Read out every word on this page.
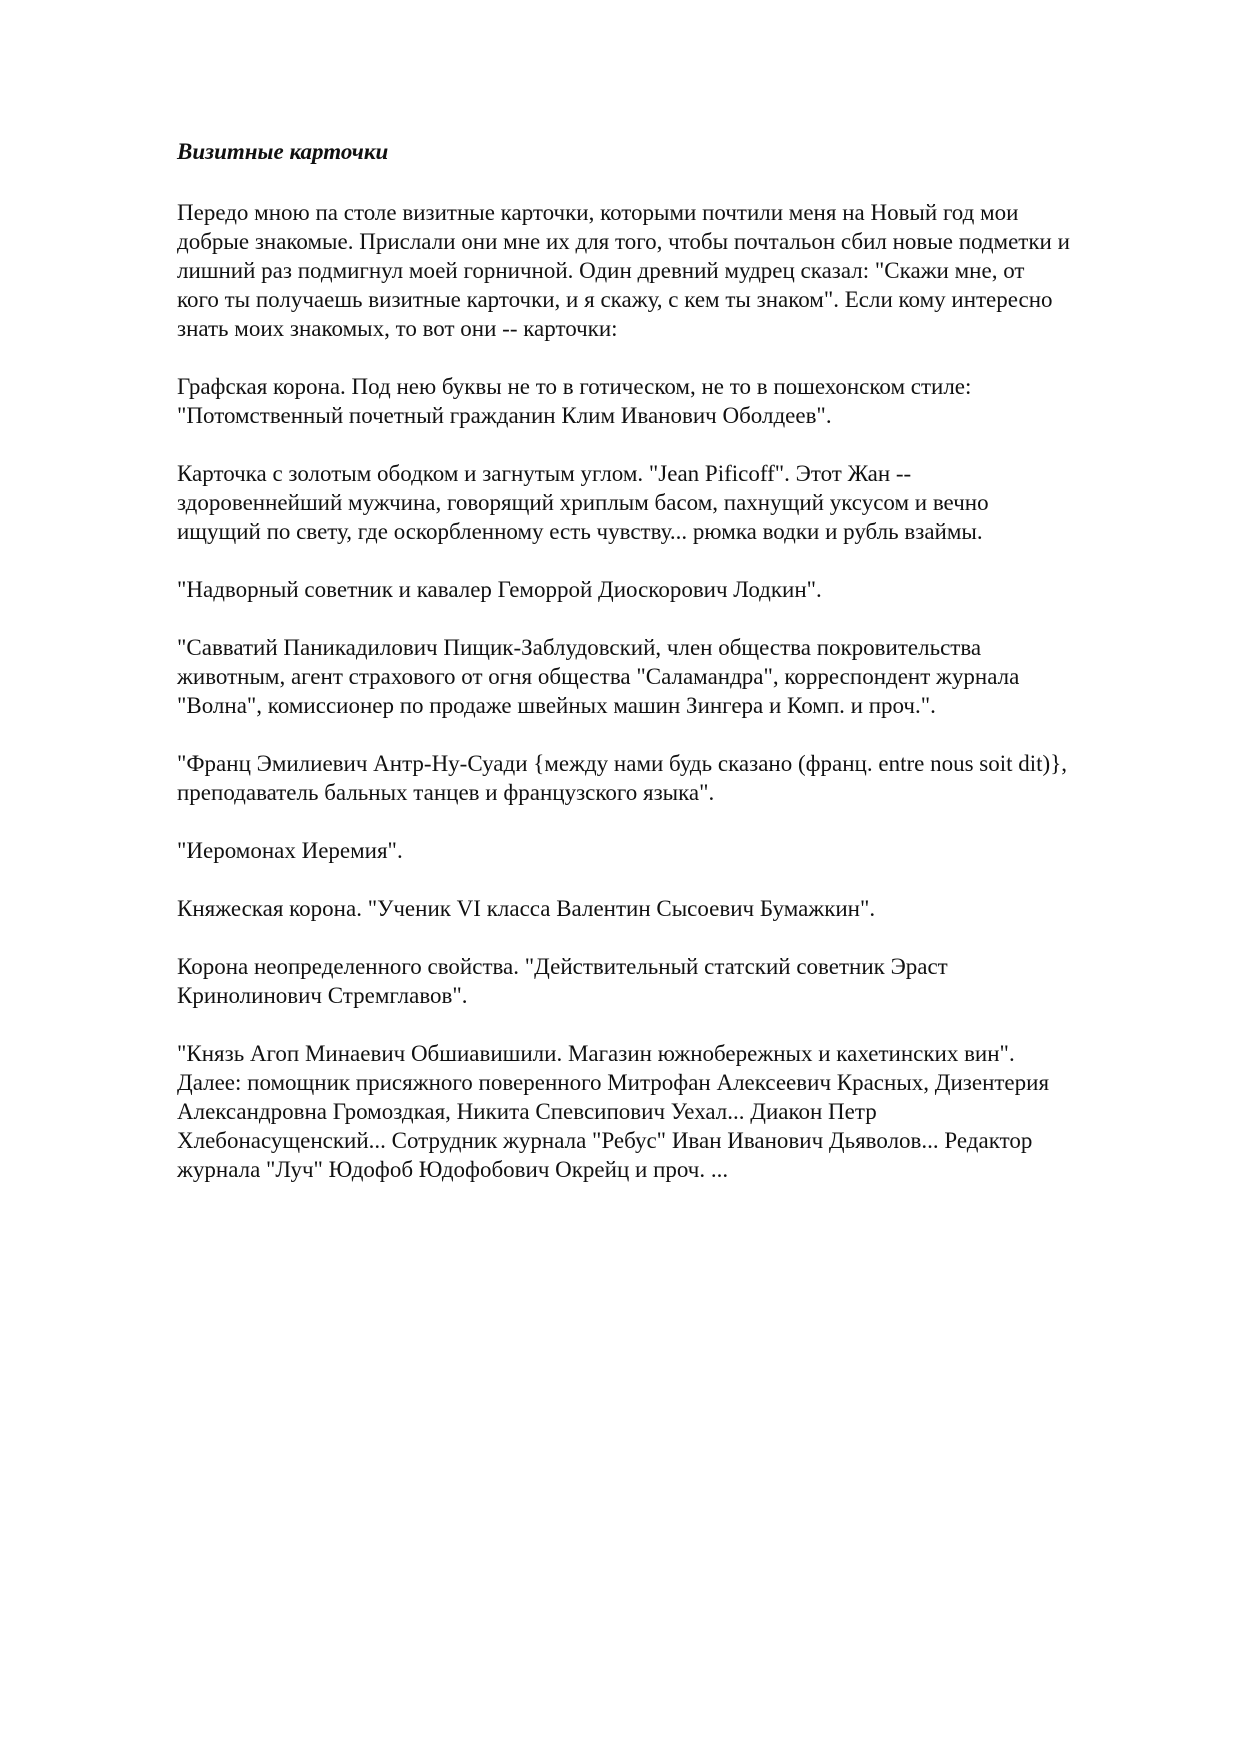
Визитные карточки
Передо мною па столе визитные карточки, которыми почтили меня на Новый год мои
добрые знакомые. Прислали они мне их для того, чтобы почтальон сбил новые подметки и
лишний раз подмигнул моей горничной. Один древний мудрец сказал: "Скажи мне, от
кого ты получаешь визитные карточки, и я скажу, с кем ты знаком". Если кому интересно
знать моих знакомых, то вот они -- карточки:
Графская корона. Под нею буквы не то в готическом, не то в пошехонском стиле:
"Потомственный почетный гражданин Клим Иванович Оболдеев".
Карточка с золотым ободком и загнутым углом. "Jean Pificoff". Этот Жан --
здоровеннейший мужчина, говорящий хриплым басом, пахнущий уксусом и вечно
ищущий по свету, где оскорбленному есть чувству... рюмка водки и рубль взаймы.
"Надворный советник и кавалер Геморрой Диоскорович Лодкин".
"Савватий Паникадилович Пищик-Заблудовский, член общества покровительства
животным, агент страхового от огня общества "Саламандра", корреспондент журнала
"Волна", комиссионер по продаже швейных машин Зингера и Комп. и проч.".
"Франц Эмилиевич Антр-Ну-Суади {между нами будь сказано (франц. entre nous soit dit)},
преподаватель бальных танцев и французского языка".
"Иеромонах Иеремия".
Княжеская корона. "Ученик VI класса Валентин Сысоевич Бумажкин".
Корона неопределенного свойства. "Действительный статский советник Эраст
Кринолинович Стремглавов".
"Князь Агоп Минаевич Обшиавишили. Магазин южнобережных и кахетинских вин".
Далее: помощник присяжного поверенного Митрофан Алексеевич Красных, Дизентерия
Александровна Громоздкая, Никита Спевсипович Уехал... Диакон Петр
Хлебонасущенский... Сотрудник журнала "Ребус" Иван Иванович Дьяволов... Редактор
журнала "Луч" Юдофоб Юдофобович Окрейц и проч. ...
